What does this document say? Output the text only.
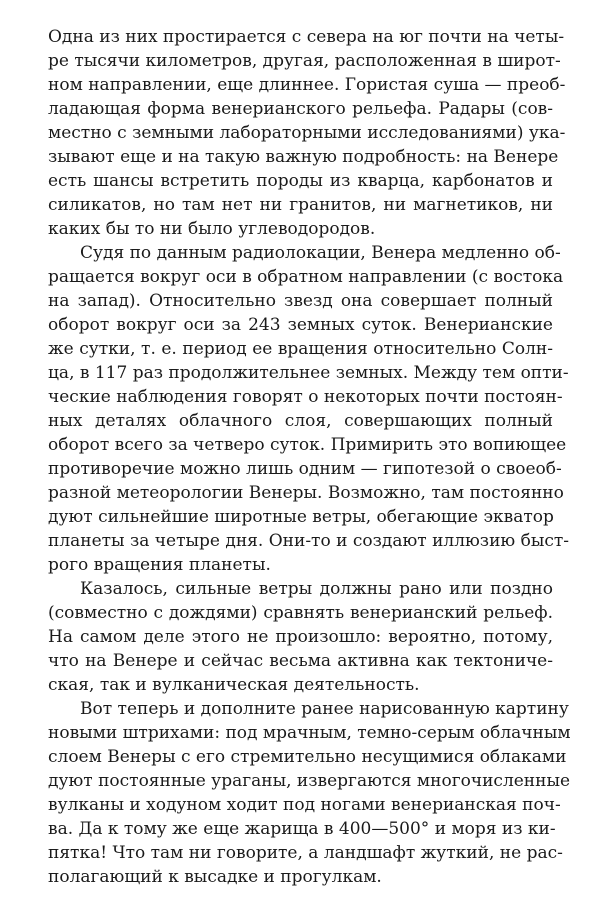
Одна из них простирается с севера на юг почти на четы-
ре тысячи километров, другая, расположенная в широт-
ном направлении, еще длиннее. Гористая суша — преоб-
ладающая форма венерианского рельефа. Радары (сов-
местно с земными лабораторными исследованиями) ука-
зывают еще и на такую важную подробность: на Венере
есть шансы встретить породы из кварца, карбонатов и
силикатов, но там нет ни гранитов, ни магнетиков, ни
каких бы то ни было углеводородов.
Судя по данным радиолокации, Венера медленно об-
ращается вокруг оси в обратном направлении (с востока
на запад). Относительно звезд она совершает полный
оборот вокруг оси за 243 земных суток. Венерианские
же сутки, т. е. период ее вращения относительно Солн-
ца, в 117 раз продолжительнее земных. Между тем опти-
ческие наблюдения говорят о некоторых почти постоян-
ных деталях облачного слоя, совершающих полный
оборот всего за четверо суток. Примирить это вопиющее
противоречие можно лишь одним — гипотезой о своеоб-
разной метеорологии Венеры. Возможно, там постоянно
дуют сильнейшие широтные ветры, обегающие экватор
планеты за четыре дня. Они-то и создают иллюзию быст-
рого вращения планеты.
Казалось, сильные ветры должны рано или поздно
(совместно с дождями) сравнять венерианский рельеф.
На самом деле этого не произошло: вероятно, потому,
что на Венере и сейчас весьма активна как тектониче-
ская, так и вулканическая деятельность.
Вот теперь и дополните ранее нарисованную картину
новыми штрихами: под мрачным, темно-серым облачным
слоем Венеры с его стремительно несущимися облаками
дуют постоянные ураганы, извергаются многочисленные
вулканы и ходуном ходит под ногами венерианская поч-
ва. Да к тому же еще жарища в 400—500° и моря из ки-
пятка! Что там ни говорите, а ландшафт жуткий, не рас-
полагающий к высадке и прогулкам.
